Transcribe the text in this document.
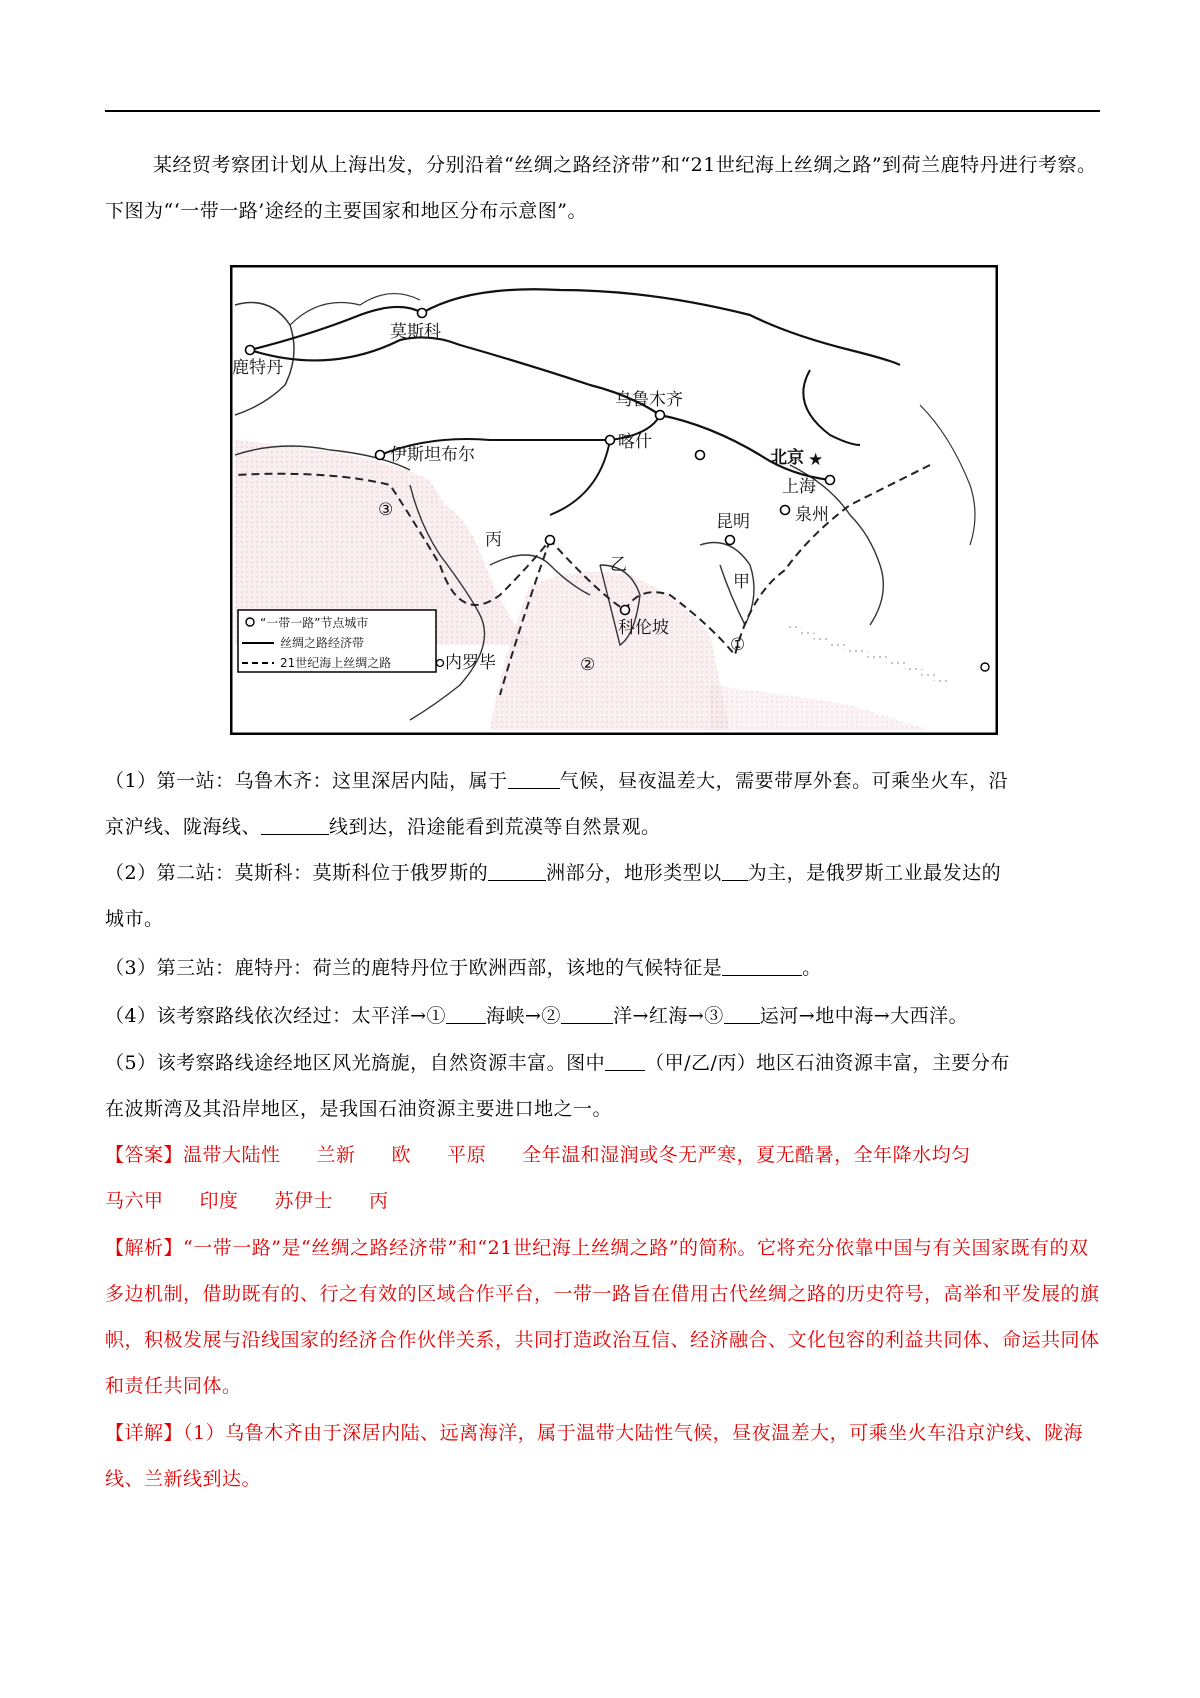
某经贸考察团计划从上海出发，分别沿着“丝绸之路经济带”和“21世纪海上丝绸之路”到荷兰鹿特丹进行考察。下图为“‘一带一路’途经的主要国家和地区分布示意图”。
★
莫斯科
鹿特丹
乌鲁木齐
伊斯坦布尔
喀什
北京
上海
泉州
昆明
科伦坡
内罗毕
甲
乙
丙
①
②
③
“一带一路”节点城市
丝绸之路经济带
21世纪海上丝绸之路
（1）第一站：乌鲁木齐：这里深居内陆，属于	气候，昼夜温差大，需要带厚外套。可乘坐火车，沿
京沪线、陇海线、	线到达，沿途能看到荒漠等自然景观。
（2）第二站：莫斯科：莫斯科位于俄罗斯的	洲部分，地形类型以 为主，是俄罗斯工业最发达的
城市。
（3）第三站：鹿特丹：荷兰的鹿特丹位于欧洲西部，该地的气候特征是	。
（4）该考察路线依次经过：太平洋→① 海峡→②	洋→红海→③ 运河→地中海→大西洋。
（5）该考察路线途经地区风光旖旎，自然资源丰富。图中 （甲/乙/丙）地区石油资源丰富，主要分布
在波斯湾及其沿岸地区，是我国石油资源主要进口地之一。
【答案】温带大陆性 兰新 欧 平原 全年温和湿润或冬无严寒，夏无酷暑，全年降水均匀
马六甲 印度 苏伊士 丙
【解析】“一带一路”是“丝绸之路经济带”和“21世纪海上丝绸之路”的简称。它将充分依靠中国与有关国家既有的双多边机制，借助既有的、行之有效的区域合作平台，一带一路旨在借用古代丝绸之路的历史符号，高举和平发展的旗帜，积极发展与沿线国家的经济合作伙伴关系，共同打造政治互信、经济融合、文化包容的利益共同体、命运共同体和责任共同体。
【详解】（1）乌鲁木齐由于深居内陆、远离海洋，属于温带大陆性气候，昼夜温差大，可乘坐火车沿京沪线、陇海线、兰新线到达。
